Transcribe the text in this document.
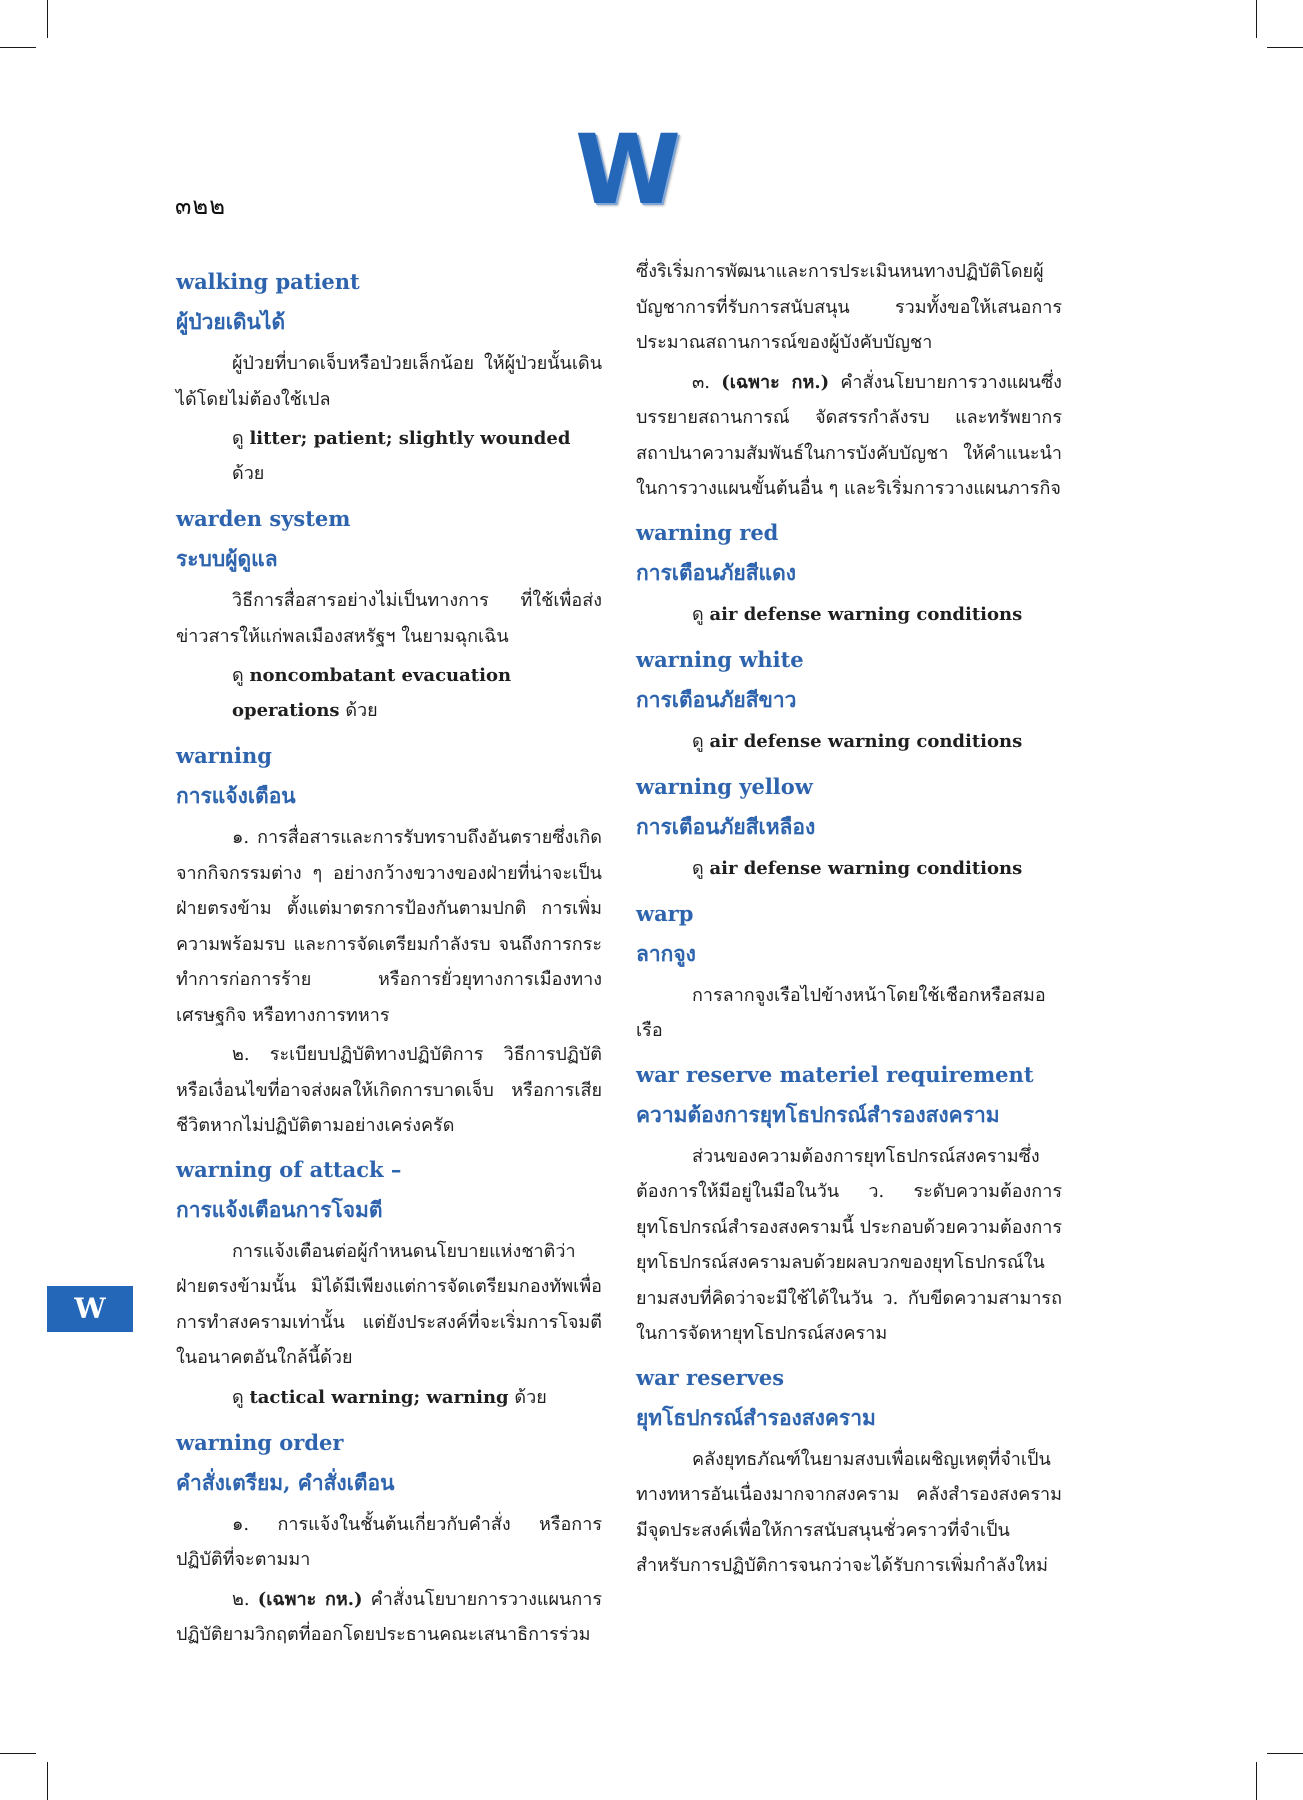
๓๒๒	W
W
walking patient
ผู้ป่วยเดินได้

ผู้ป่วยที่บาดเจ็บหรือป่วยเล็กน้อย ให้ผู้ป่วยนั้นเดินได้โดยไม่ต้องใช้เปล

ดู litter; patient; slightly wounded ด้วย
warden system
ระบบผู้ดูแล

วิธีการสื่อสารอย่างไม่เป็นทางการ ที่ใช้เพื่อส่งข่าวสารให้แก่พลเมืองสหรัฐฯ ในยามฉุกเฉิน

ดู noncombatant evacuation operations ด้วย
warning
การแจ้งเตือน

๑. การสื่อสารและการรับทราบถึงอันตรายซึ่งเกิดจากกิจกรรมต่าง ๆ อย่างกว้างขวางของฝ่ายที่น่าจะเป็นฝ่ายตรงข้าม ตั้งแต่มาตรการป้องกันตามปกติ การเพิ่มความพร้อมรบ และการจัดเตรียมกำลังรบ จนถึงการกระทำการก่อการร้าย หรือการยั่วยุทางการเมืองทางเศรษฐกิจ หรือทางการทหาร

๒. ระเบียบปฏิบัติทางปฏิบัติการ วิธีการปฏิบัติหรือเงื่อนไขที่อาจส่งผลให้เกิดการบาดเจ็บ หรือการเสียชีวิตหากไม่ปฏิบัติตามอย่างเคร่งครัด

warning of attack –
การแจ้งเตือนการโจมตี

การแจ้งเตือนต่อผู้กำหนดนโยบายแห่งชาติว่าฝ่ายตรงข้ามนั้น มิได้มีเพียงแต่การจัดเตรียมกองทัพเพื่อการทำสงครามเท่านั้น แต่ยังประสงค์ที่จะเริ่มการโจมตีในอนาคตอันใกล้นี้ด้วย

ดู tactical warning; warning ด้วย
warning order
คำสั่งเตรียม, คำสั่งเตือน

๑. การแจ้งในชั้นต้นเกี่ยวกับคำสั่ง หรือการปฏิบัติที่จะตามมา

๒. (เฉพาะ กห.) คำสั่งนโยบายการวางแผนการปฏิบัติยามวิกฤตที่ออกโดยประธานคณะเสนาธิการร่วม

ซึ่งริเริ่มการพัฒนาและการประเมินหนทางปฏิบัติโดยผู้บัญชาการที่รับการสนับสนุน รวมทั้งขอให้เสนอการประมาณสถานการณ์ของผู้บังคับบัญชา

๓. (เฉพาะ กห.) คำสั่งนโยบายการวางแผนซึ่งบรรยายสถานการณ์ จัดสรรกำลังรบ และทรัพยากร สถาปนาความสัมพันธ์ในการบังคับบัญชา ให้คำแนะนำในการวางแผนขั้นต้นอื่น ๆ และริเริ่มการวางแผนภารกิจ

warning red
การเตือนภัยสีแดง
ดู air defense warning conditions
warning white
การเตือนภัยสีขาว
ดู air defense warning conditions
warning yellow
การเตือนภัยสีเหลือง
ดู air defense warning conditions
warp
ลากจูง

การลากจูงเรือไปข้างหน้าโดยใช้เชือกหรือสมอเรือ

war reserve materiel requirement
ความต้องการยุทโธปกรณ์สำรองสงคราม

ส่วนของความต้องการยุทโธปกรณ์สงครามซึ่งต้องการให้มีอยู่ในมือในวัน ว. ระดับความต้องการยุทโธปกรณ์สำรองสงครามนี้ ประกอบด้วยความต้องการยุทโธปกรณ์สงครามลบด้วยผลบวกของยุทโธปกรณ์ในยามสงบที่คิดว่าจะมีใช้ได้ในวัน ว. กับขีดความสามารถในการจัดหายุทโธปกรณ์สงคราม

war reserves
ยุทโธปกรณ์สำรองสงคราม

คลังยุทธภัณฑ์ในยามสงบเพื่อเผชิญเหตุที่จำเป็นทางทหารอันเนื่องมากจากสงคราม คลังสำรองสงครามมีจุดประสงค์เพื่อให้การสนับสนุนชั่วคราวที่จำเป็นสำหรับการปฏิบัติการจนกว่าจะได้รับการเพิ่มกำลังใหม่
